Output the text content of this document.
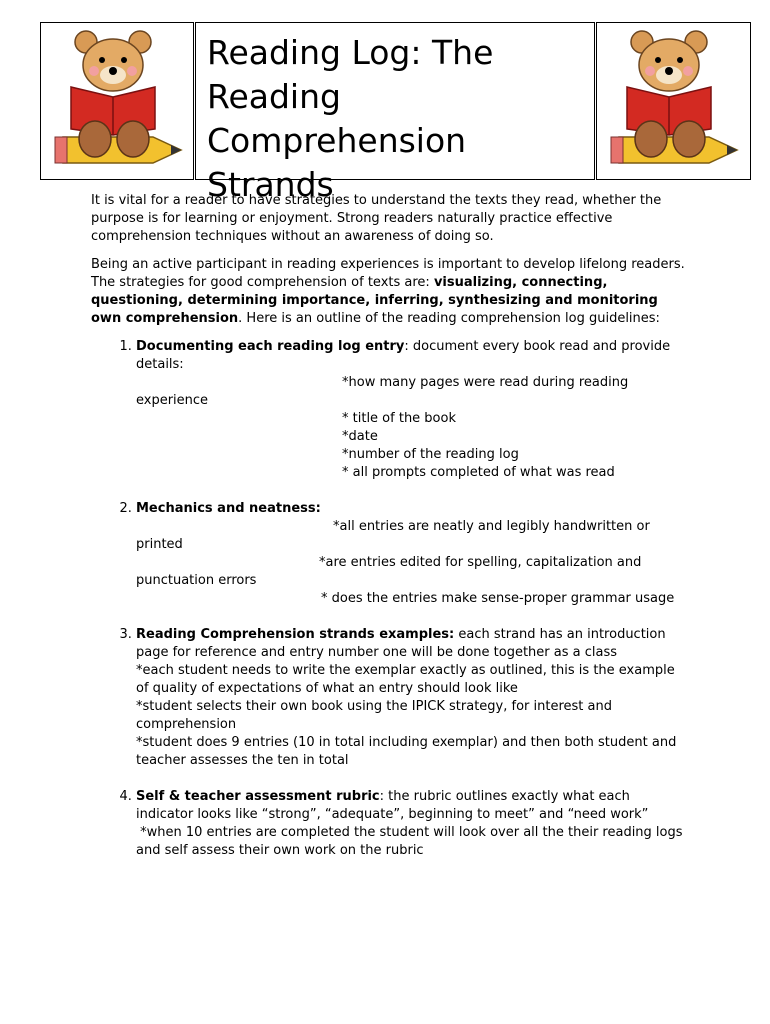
Reading Log: The Reading Comprehension Strands

It is vital for a reader to have strategies to understand the texts they read, whether the purpose is for learning or enjoyment. Strong readers naturally practice effective comprehension techniques without an awareness of doing so.

Being an active participant in reading experiences is important to develop lifelong readers. The strategies for good comprehension of texts are: visualizing, connecting, questioning, determining importance, inferring, synthesizing and monitoring own comprehension. Here is an outline of the reading comprehension log guidelines:

1. Documenting each reading log entry: document every book read and provide details:
*how many pages were read during reading experience
* title of the book
*date
*number of the reading log
* all prompts completed of what was read
2. Mechanics and neatness:
*all entries are neatly and legibly handwritten or printed
*are entries edited for spelling, capitalization and punctuation errors
* does the entries make sense-proper grammar usage
3. Reading Comprehension strands examples: each strand has an introduction page for reference and entry number one will be done together as a class
*each student needs to write the exemplar exactly as outlined, this is the example of quality of expectations of what an entry should look like
*student selects their own book using the IPICK strategy, for interest and comprehension
*student does 9 entries (10 in total including exemplar) and then both student and teacher assesses the ten in total
4. Self & teacher assessment rubric: the rubric outlines exactly what each indicator looks like “strong”, “adequate”, beginning to meet” and “need work”
*when 10 entries are completed the student will look over all the their reading logs and self assess their own work on the rubric
